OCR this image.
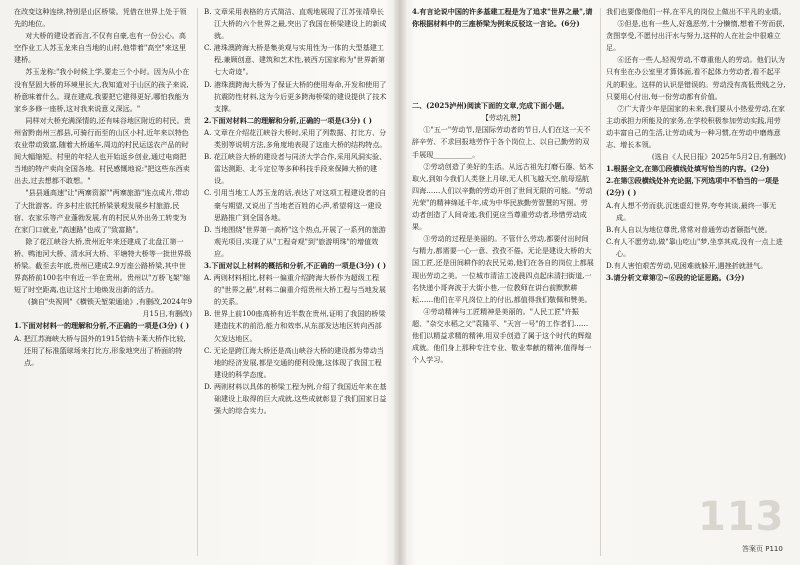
在改变这种连续,特别是山区桥梁。凭借在世界上处于领先的地位。

对大桥的建设者而言,不仅有自豪,也有一份公心。高空作业工人苏玉龙来自当地的山村,他带着"高空"来这里建桥。

苏玉龙称:"我小时候上学,要走三个小时。因为从小在没有坚固大桥的环境里长大,我知道对于山区的孩子来说,桥意味着什么。现在建成,我要把它建得更好,哪怕我能为家乡多修一座桥,这对我来说意义深远。"

同样对大桥充满深情的,还有味谷地区附近的村民。贵州省黔南州三都县,可骑行而至的山区小村,近年来以特色农业带动致富,随着大桥通车,周边的村民运送农产品的时间大幅缩短。村里的年轻人也开始返乡创业,通过电商把当地的特产卖向全国各地。村民感慨地说:"把这些东西卖出去,过去想都不敢想。"

"县县通高速"让"两寨资源""两寨旅游"连点成片,带动了大批游客。许多村庄依托桥梁景观发展乡村旅游,民宿、农家乐等产业蓬勃发展,有的村民从外出务工转变为在家门口就业,"高速路"也成了"致富路"。

除了花江峡谷大桥,贵州近年来还建成了北盘江第一桥、鸭池河大桥、清水河大桥、平塘特大桥等一批世界级桥梁。截至去年底,贵州已建成2.9万座公路桥梁,其中世界高桥前100名中有近一半在贵州。贵州以"万桥飞架"缩短了时空距离,也让这片土地焕发出新的活力。

(摘自"央视网"《横锁天堑架通途》,有删改,2024年9月15日,有删改)

1.下面对材料一的理解和分析,不正确的一项是(3分) ( )

A. 把江苏海峡大桥与国外的1915恰纳卡莱大桥作比较,还用了标准篮球场来打比方,形象地突出了桥面的特点。

B. 文章采用表格的方式简洁、直观地展现了江苏张靖皋长江大桥的六个世界之最,突出了我国在桥梁建设上的新成就。

C. 港珠澳跨海大桥是集美观与实用性为一体的大型基建工程,兼顾创意、建筑和艺术性,被西方国家称为"世界新第七大奇迹"。

D. 港珠澳跨海大桥为了保证大桥的使用寿命,开发和使用了抗震防性材料,这为今后更多跨海桥梁的建设提供了技术支撑。

2.下面对材料二的理解和分析,正确的一项是(3分) ( )

A. 文章在介绍花江峡谷大桥时,采用了列数据、打比方、分类别等说明方法,多角度地表现了这座大桥的结构特点。

B. 花江峡谷大桥的建设者与同济大学合作,采用风洞实验、雷达测距、北斗定位等多种科技手段来保障大桥的建设。

C. 引用当地工人苏玉龙的话,表达了对这项工程建设者的自豪与期望,又说出了当地老百姓的心声,希望将这一建设思路推广到全国各地。

D. 当地围绕"世界第一高桥"这个热点,开展了一系列的旅游观光项目,实现了从"工程奇观"到"旅游明珠"的增值效应。

3.下面对以上材料的概括和分析,不正确的一项是(3分) ( )

A. 两则材料相比,材料一偏重介绍跨海大桥作为超级工程的"世界之最",材料二偏重介绍贵州大桥工程与当地发展的关系。

B. 世界上前100座高桥有近半数在贵州,证明了我国的桥梁建造技术的前沿,能力和效率,从东部发达地区转向西部欠发达地区。

C. 无论是跨江海大桥还是高山峡谷大桥的建设都为带动当地的经济发展,都是交通的便利设施,这体现了我国工程建设的科学态度。

D. 两则材料以具体的桥梁工程为例,介绍了我国近年来在基础建设上取得的巨大成就,这些成就彰显了我们国家日益强大的综合实力。

4.有言论说中国的许多基建工程是为了追求"世界之最",请你根据材料中的三座桥梁为例来反驳这一言论。(6分)

二、(2025泸州)阅读下面的文章,完成下面小题。

【劳动礼赞】

①"五一"劳动节,是国际劳动者的节日,人们在这一天不辞辛劳、不求回报地劳作于各个岗位上、以自己勤劳的双手展现___________。

②劳动创造了美好的生活。从远古祖先打磨石器、钻木取火,到如今我们人类登上月球,无人机飞越天空,航母巡航四海……人们以辛勤的劳动开创了世间无限的可能。"劳动光荣"的精神绵延千年,成为中华民族勤劳智慧的写照。劳动者创造了人间奇迹,我们更应当尊重劳动者,珍惜劳动成果。

③劳动的过程是美丽的。不管什么劳动,都要付出时间与精力,都需要一心一意、孜孜不倦。无论是建设大桥的大国工匠,还是田间耕作的农民兄弟,他们在各自的岗位上都展现出劳动之美。一位城市清洁工凌晨四点起床清扫街道,一名快递小哥奔波于大街小巷,一位教师在讲台前默默耕耘……他们在平凡岗位上的付出,都值得我们敬佩和赞美。

④劳动精神与工匠精神是美丽的。"人民工匠"许振超、"杂交水稻之父"袁隆平、"天宫一号"的工作者们……他们以精益求精的精神,用双手创造了属于这个时代的辉煌成就。他们身上那种专注专业、敬业奉献的精神,值得每一个人学习。

我们也要像他们一样,在平凡的岗位上做出不平凡的业绩。

⑤但是,也有一些人,好逸恶劳,十分懒惰,想着不劳而获,贪图享受,不愿付出汗水与努力,这样的人在社会中很难立足。

⑥还有一些人,轻视劳动,不尊重他人的劳动。他们认为只有坐在办公室里才算体面,看不起体力劳动者,看不起平凡的职业。这样的认识是错误的。劳动没有高低贵贱之分,只要用心付出,每一份劳动都有价值。

⑦广大青少年是国家的未来,我们要从小热爱劳动,在家主动承担力所能及的家务,在学校积极参加劳动实践,用劳动丰富自己的生活,让劳动成为一种习惯,在劳动中磨炼意志、增长本领。

(选自《人民日报》2025年5月2日,有删改)

1.根据全文,在第①段横线处填写恰当的内容。(2分)

2.在第③段横线处补充论据,下列选项中不恰当的一项是(2分) ( )

A.有人想不劳而获,沉迷虚幻世界,夸夸其谈,最终一事无成。

B.有人自以为地位尊贵,常常对普通劳动者颐指气使。

C.有人不愿劳动,做"靠山吃山"梦,坐享其成,没有一点上进心。

D.有人害怕艰苦劳动,见困难就躲开,遇挫折就泄气。

3.请分析文章第②~⑥段的论证思路。(3分)

113
答案页 P110
